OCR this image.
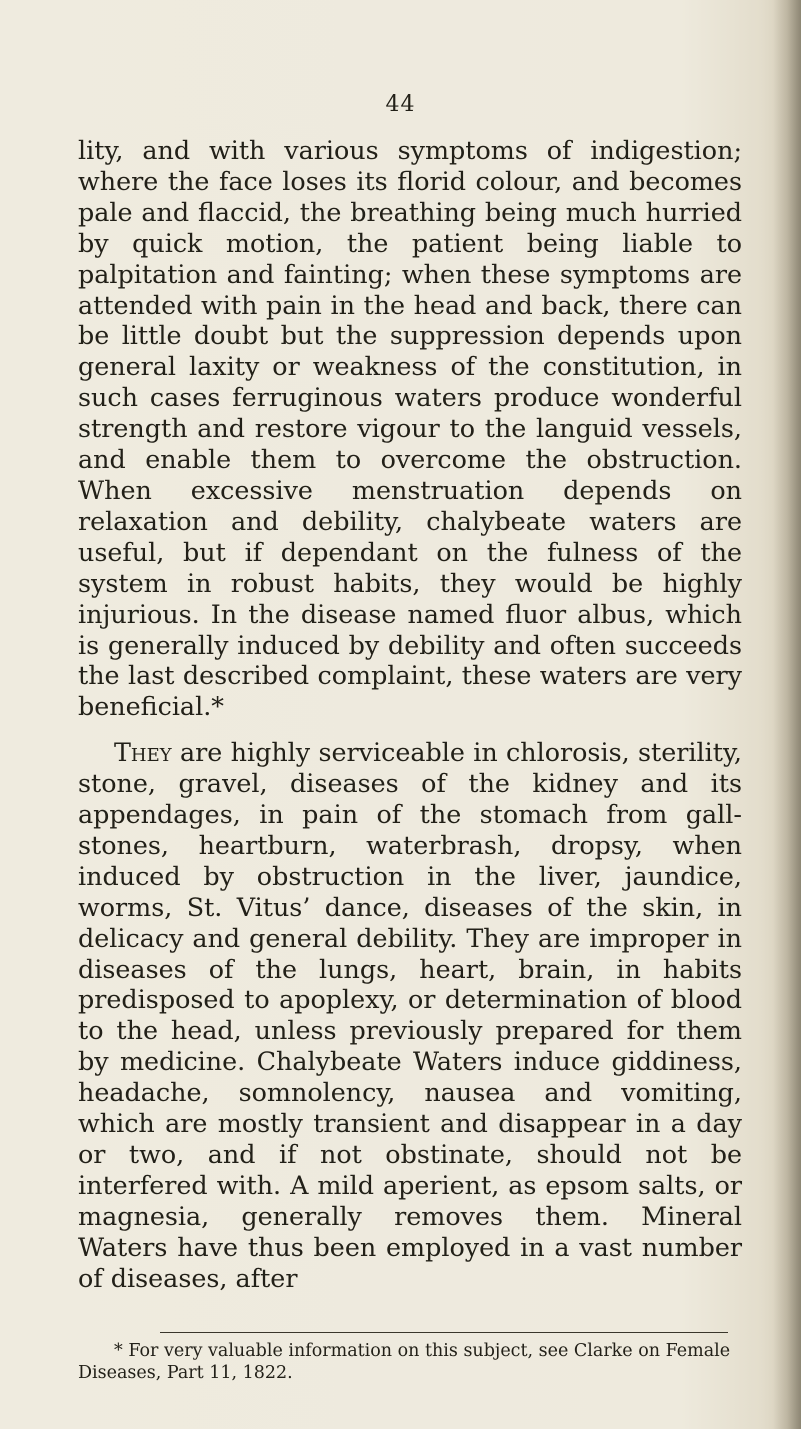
44

lity, and with various symptoms of indigestion; where the face loses its florid colour, and becomes pale and flaccid, the breathing being much hurried by quick motion, the patient being liable to palpitation and fainting; when these symptoms are attended with pain in the head and back, there can be little doubt but the suppression depends upon general laxity or weakness of the constitution, in such cases ferruginous waters produce wonderful strength and restore vigour to the languid vessels, and enable them to overcome the obstruction. When excessive menstruation depends on relaxation and debility, chalybeate waters are useful, but if dependant on the fulness of the system in robust habits, they would be highly injurious. In the disease named fluor albus, which is generally induced by debility and often succeeds the last described complaint, these waters are very beneficial.*

They are highly serviceable in chlorosis, sterility, stone, gravel, diseases of the kidney and its appendages, in pain of the stomach from gall-stones, heartburn, waterbrash, dropsy, when induced by obstruction in the liver, jaundice, worms, St. Vitus’ dance, diseases of the skin, in delicacy and general debility. They are improper in diseases of the lungs, heart, brain, in habits predisposed to apoplexy, or determination of blood to the head, unless previously prepared for them by medicine. Chalybeate Waters induce giddiness, headache, somnolency, nausea and vomiting, which are mostly transient and disappear in a day or two, and if not obstinate, should not be interfered with. A mild aperient, as epsom salts, or magnesia, generally removes them. Mineral Waters have thus been employed in a vast number of diseases, after

* For very valuable information on this subject, see Clarke on Female Diseases, Part 11, 1822.
